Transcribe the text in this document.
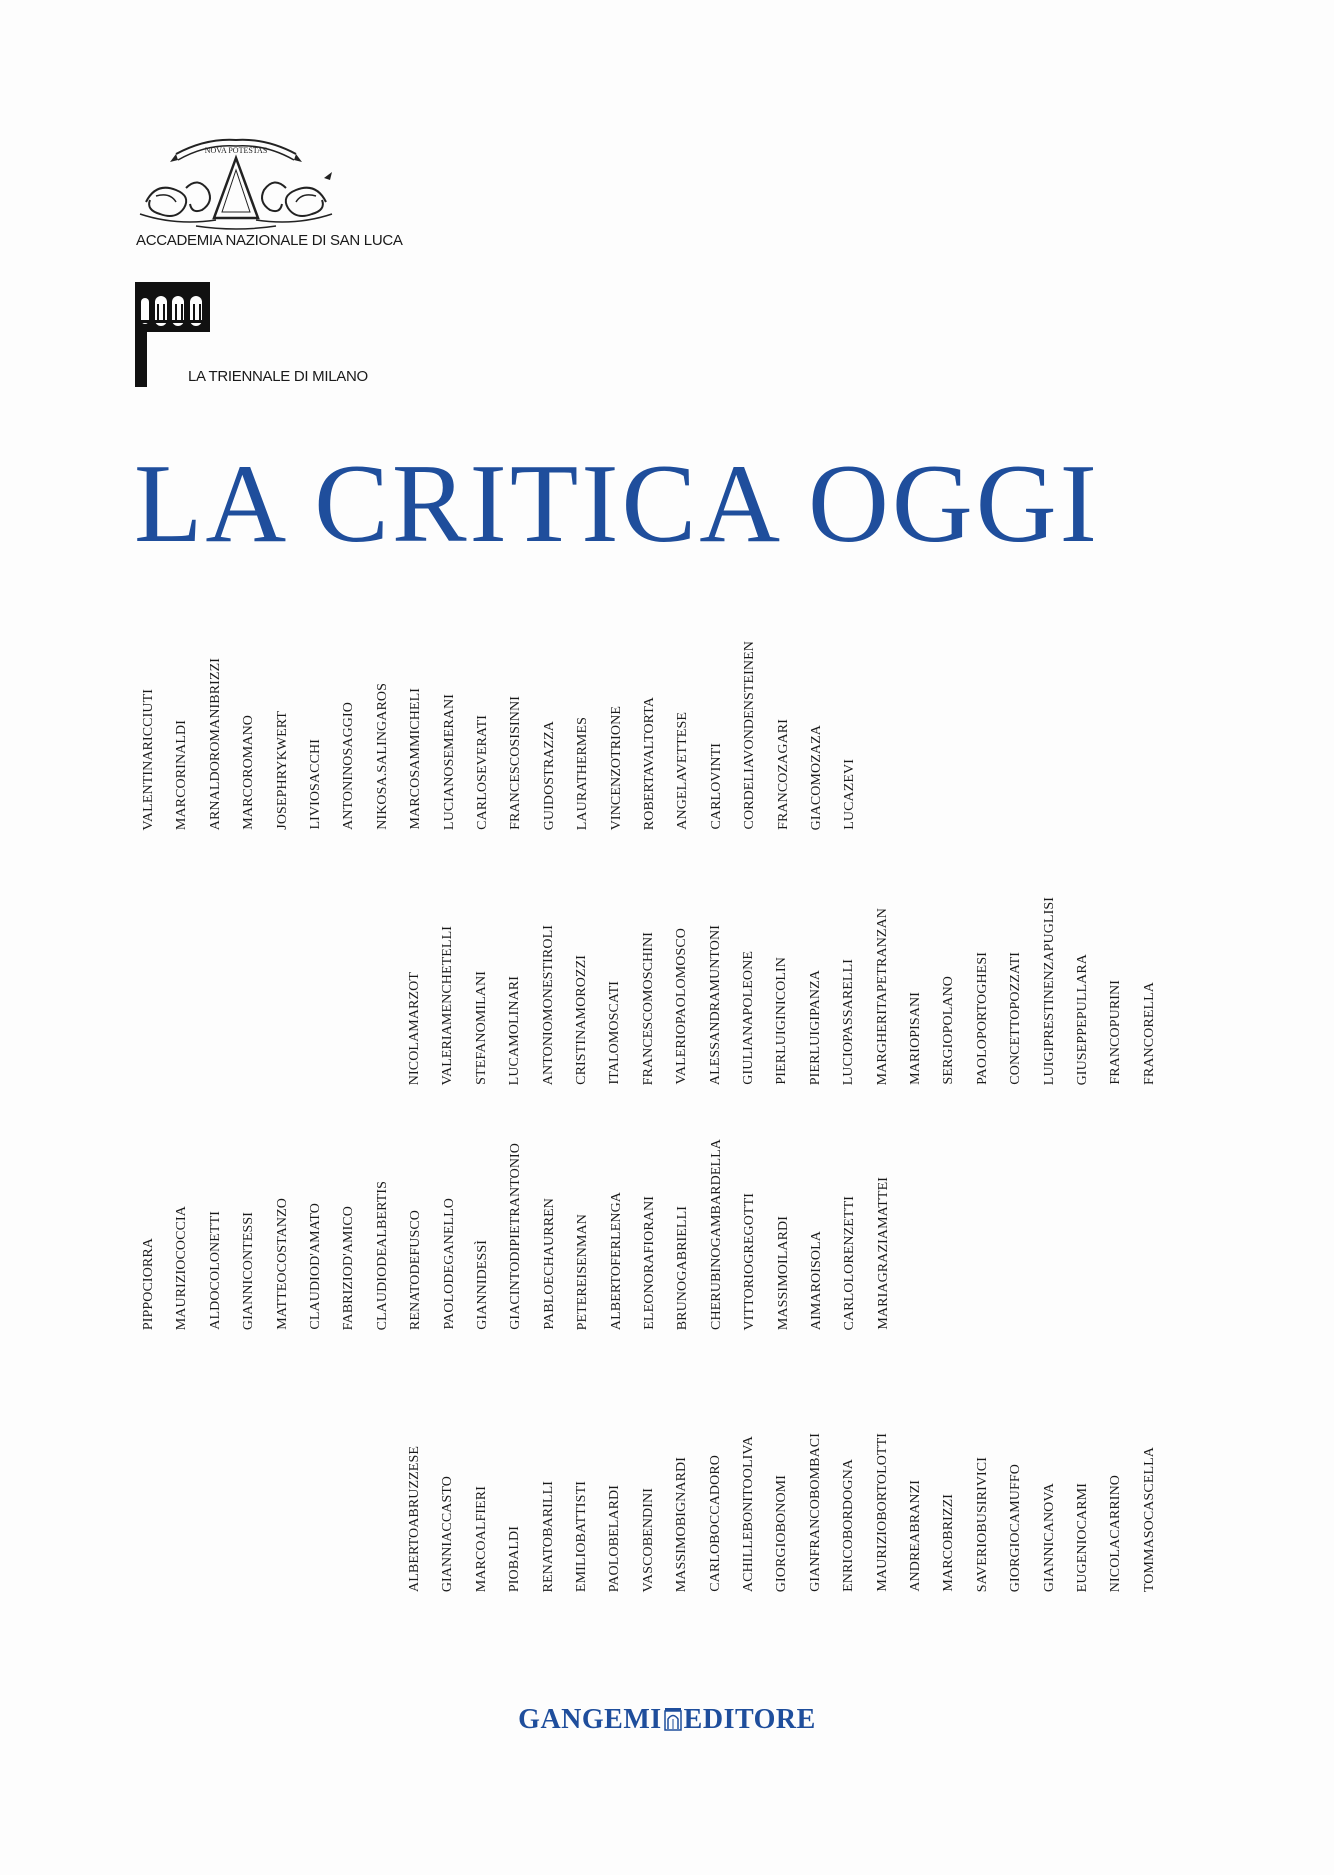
NOVA POTESTAS
ACCADEMIA NAZIONALE DI SAN LUCA
LA TRIENNALE DI MILANO
LA CRITICA OGGI
VALENTINARICCIUTI MARCORINALDI ARNALDOROMANIBRIZZI MARCOROMANO JOSEPHRYKWERT LIVIOSACCHI ANTONINOSAGGIO NIKOSA.SALINGAROS MARCOSAMMICHELI LUCIANOSEMERANI CARLOSEVERATI FRANCESCOSISINNI GUIDOSTRAZZA LAURATHERMES VINCENZOTRIONE ROBERTAVALTORTA ANGELAVETTESE CARLOVINTI CORDELIAVONDENSTEINEN FRANCOZAGARI GIACOMOZAZA LUCAZEVI
NICOLAMARZOT VALERIAMENCHETELLI STEFANOMILANI LUCAMOLINARI ANTONIOMONESTIROLI CRISTINAMOROZZI ITALOMOSCATI FRANCESCOMOSCHINI VALERIOPAOLOMOSCO ALESSANDRAMUNTONI GIULIANAPOLEONE PIERLUIGINICOLIN PIERLUIGIPANZA LUCIOPASSARELLI MARGHERITAPETRANZAN MARIOPISANI SERGIOPOLANO PAOLOPORTOGHESI CONCETTOPOZZATI LUIGIPRESTINENZAPUGLISI GIUSEPPEPULLARA FRANCOPURINI FRANCORELLA
PIPPOCIORRA MAURIZIOCOCCIA ALDOCOLONETTI GIANNICONTESSI MATTEOCOSTANZO CLAUDIOD'AMATO FABRIZIOD'AMICO CLAUDIODEALBERTIS RENATODEFUSCO PAOLODEGANELLO GIANNIDESSÌ GIACINTODIPIETRANTONIO PABLOECHAURREN PETEREISENMAN ALBERTOFERLENGA ELEONORAFIORANI BRUNOGABRIELLI CHERUBINOGAMBARDELLA VITTORIOGREGOTTI MASSIMOILARDI AIMAROISOLA CARLOLORENZETTI MARIAGRAZIAMATTEI
ALBERTOABRUZZESE GIANNIACCASTO MARCOALFIERI PIOBALDI RENATOBARILLI EMILIOBATTISTI PAOLOBELARDI VASCOBENDINI MASSIMOBIGNARDI CARLOBOCCADORO ACHILLEBONITOOLIVA GIORGIOBONOMI GIANFRANCOBOMBACI ENRICOBORDOGNA MAURIZIOBORTOLOTTI ANDREABRANZI MARCOBRIZZI SAVERIOBUSIRIVICI GIORGIOCAMUFFO GIANNICANOVA EUGENIOCARMI NICOLACARRINO TOMMASOCASCELLA
GANGEMI EDITORE
